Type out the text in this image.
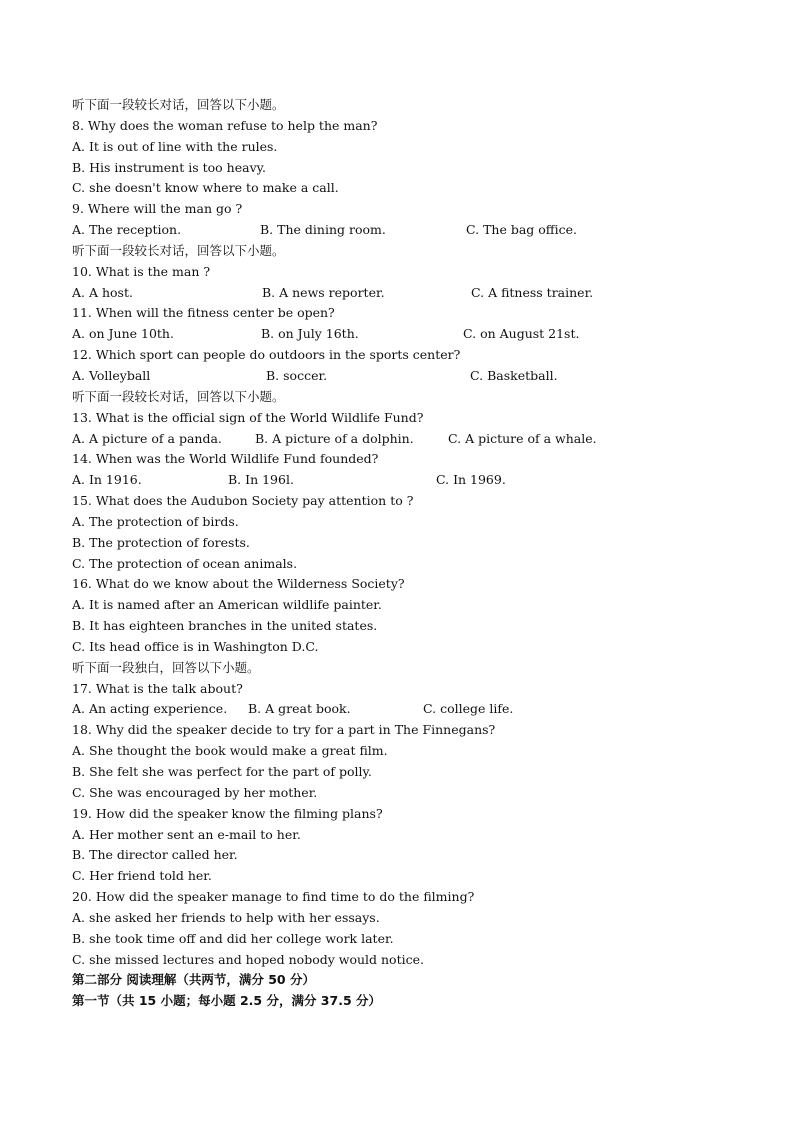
听下面一段较长对话，回答以下小题。
8. Why does the woman refuse to help the man?
A. It is out of line with the rules.
B. His instrument is too heavy.
C. she doesn't know where to make a call.
9. Where will the man go ?
A. The reception.	B. The dining room.	C. The bag office.
听下面一段较长对话，回答以下小题。
10. What is the man ?
A. A host.	B. A news reporter.	C. A fitness trainer.
11. When will the fitness center be open?
A. on June 10th.	B. on July 16th.	C. on August 21st.
12. Which sport can people do outdoors in the sports center?
A. Volleyball	B. soccer.	C. Basketball.
听下面一段较长对话，回答以下小题。
13. What is the official sign of the World Wildlife Fund?
A. A picture of a panda.	B. A picture of a dolphin.	C. A picture of a whale.
14. When was the World Wildlife Fund founded?
A. In 1916.	B. In 196l.	C. In 1969.
15. What does the Audubon Society pay attention to ?
A. The protection of birds.
B. The protection of forests.
C. The protection of ocean animals.
16. What do we know about the Wilderness Society?
A. It is named after an American wildlife painter.
B. It has eighteen branches in the united states.
C. Its head office is in Washington D.C.
听下面一段独白，回答以下小题。
17. What is the talk about?
A. An acting experience. B. A great book.	C. college life.
18. Why did the speaker decide to try for a part in The Finnegans?
A. She thought the book would make a great film.
B. She felt she was perfect for the part of polly.
C. She was encouraged by her mother.
19. How did the speaker know the filming plans?
A. Her mother sent an e-mail to her.
B. The director called her.
C. Her friend told her.
20. How did the speaker manage to find time to do the filming?
A. she asked her friends to help with her essays.
B. she took time off and did her college work later.
C. she missed lectures and hoped nobody would notice.
第二部分 阅读理解（共两节，满分 50 分）
第一节（共 15 小题；每小题 2.5 分，满分 37.5 分）
